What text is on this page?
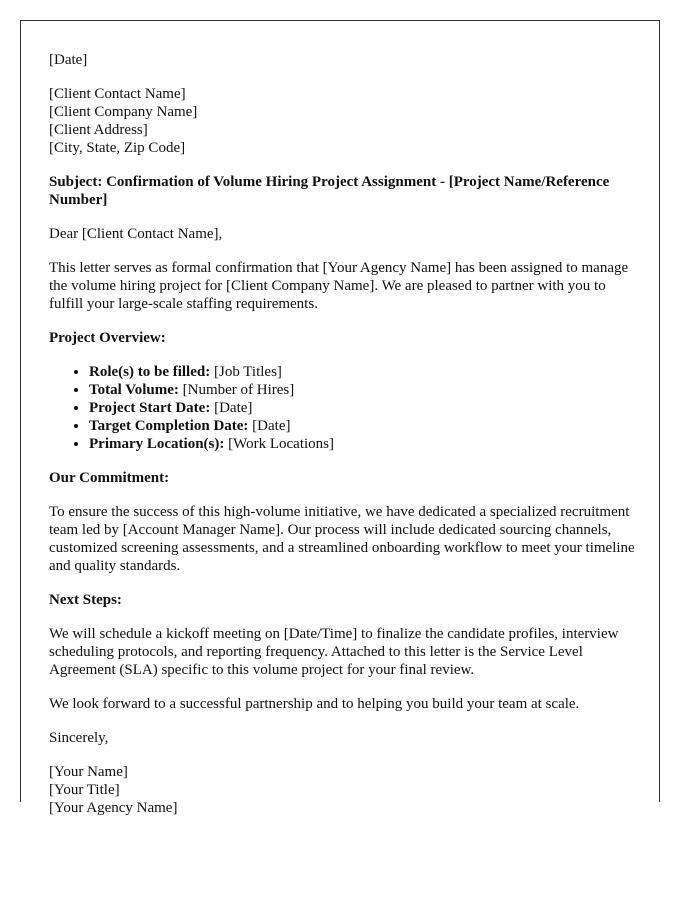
[Date]

[Client Contact Name]
[Client Company Name]
[Client Address]
[City, State, Zip Code]

Subject: Confirmation of Volume Hiring Project Assignment - [Project Name/Reference Number]

Dear [Client Contact Name],

This letter serves as formal confirmation that [Your Agency Name] has been assigned to manage the volume hiring project for [Client Company Name]. We are pleased to partner with you to fulfill your large-scale staffing requirements.

Project Overview:

• Role(s) to be filled: [Job Titles]
• Total Volume: [Number of Hires]
• Project Start Date: [Date]
• Target Completion Date: [Date]
• Primary Location(s): [Work Locations]

Our Commitment:

To ensure the success of this high-volume initiative, we have dedicated a specialized recruitment team led by [Account Manager Name]. Our process will include dedicated sourcing channels, customized screening assessments, and a streamlined onboarding workflow to meet your timeline and quality standards.

Next Steps:

We will schedule a kickoff meeting on [Date/Time] to finalize the candidate profiles, interview scheduling protocols, and reporting frequency. Attached to this letter is the Service Level Agreement (SLA) specific to this volume project for your final review.

We look forward to a successful partnership and to helping you build your team at scale.

Sincerely,

[Your Name]
[Your Title]
[Your Agency Name]
